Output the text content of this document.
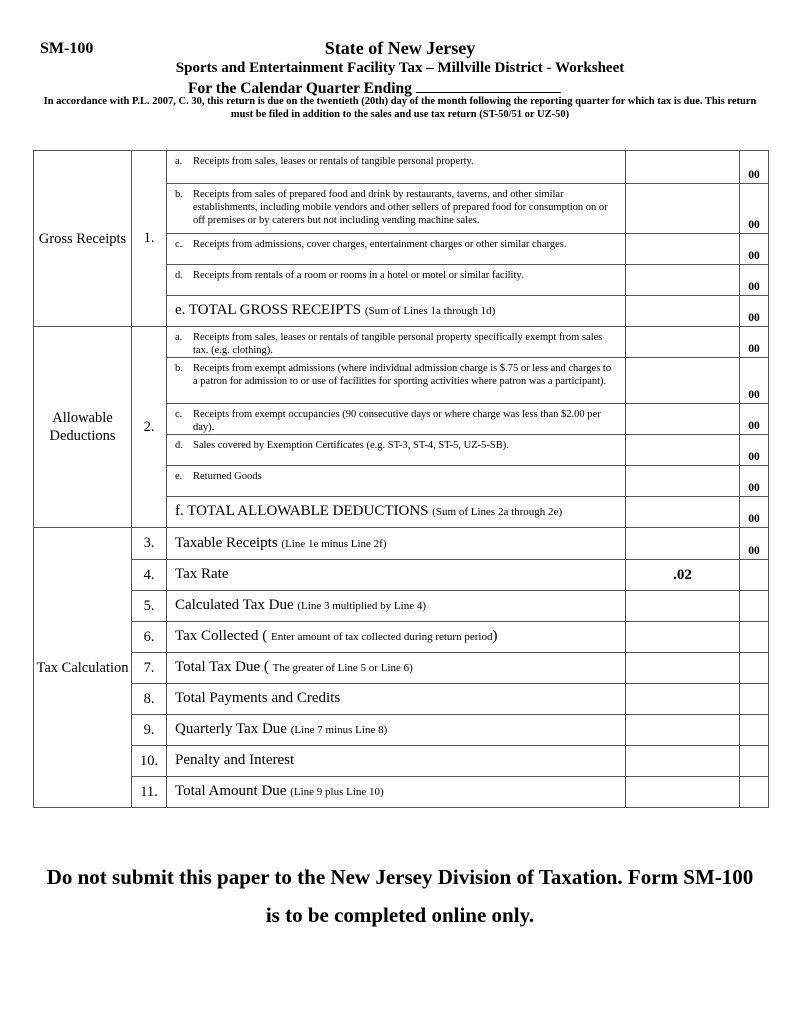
SM-100	State of New Jersey
Sports and Entertainment Facility Tax – Millville District - Worksheet
For the Calendar Quarter Ending
In accordance with P.L. 2007, C. 30, this return is due on the twentieth (20th) day of the month following the reporting quarter for which tax is due. This return must be filed in addition to the sales and use tax return (ST-50/51 or UZ-50)
Gross Receipts	1.	a. Receipts from sales, leases or rentals of tangible personal property.		00
		b. Receipts from sales of prepared food and drink by restaurants, taverns, and other similar establishments, including mobile vendors and other sellers of prepared food for consumption on or off premises or by caterers but not including vending machine sales.		00
		c. Receipts from admissions, cover charges, entertainment charges or other similar charges.		00
		d. Receipts from rentals of a room or rooms in a hotel or motel or similar facility.		00
		e. TOTAL GROSS RECEIPTS (Sum of Lines 1a through 1d)		00
Allowable Deductions	2.	a. Receipts from sales, leases or rentals of tangible personal property specifically exempt from sales tax. (e.g. clothing).		00
		b. Receipts from exempt admissions (where individual admission charge is $.75 or less and charges to a patron for admission to or use of facilities for sporting activities where patron was a participant).		00
		c. Receipts from exempt occupancies (90 consecutive days or where charge was less than $2.00 per day).		00
		d. Sales covered by Exemption Certificates (e.g. ST-3, ST-4, ST-5, UZ-5-SB).		00
		e. Returned Goods		00
		f. TOTAL ALLOWABLE DEDUCTIONS (Sum of Lines 2a through 2e)		00
Tax Calculation	3.	Taxable Receipts (Line 1e minus Line 2f)		00
	4.	Tax Rate	.02	
	5.	Calculated Tax Due (Line 3 multiplied by Line 4)		
	6.	Tax Collected ( Enter amount of tax collected during return period)		
	7.	Total Tax Due ( The greater of Line 5 or Line 6)		
	8.	Total Payments and Credits		
	9.	Quarterly Tax Due (Line 7 minus Line 8)		
	10.	Penalty and Interest		
	11.	Total Amount Due (Line 9 plus Line 10)		
Do not submit this paper to the New Jersey Division of Taxation. Form SM-100
is to be completed online only.
